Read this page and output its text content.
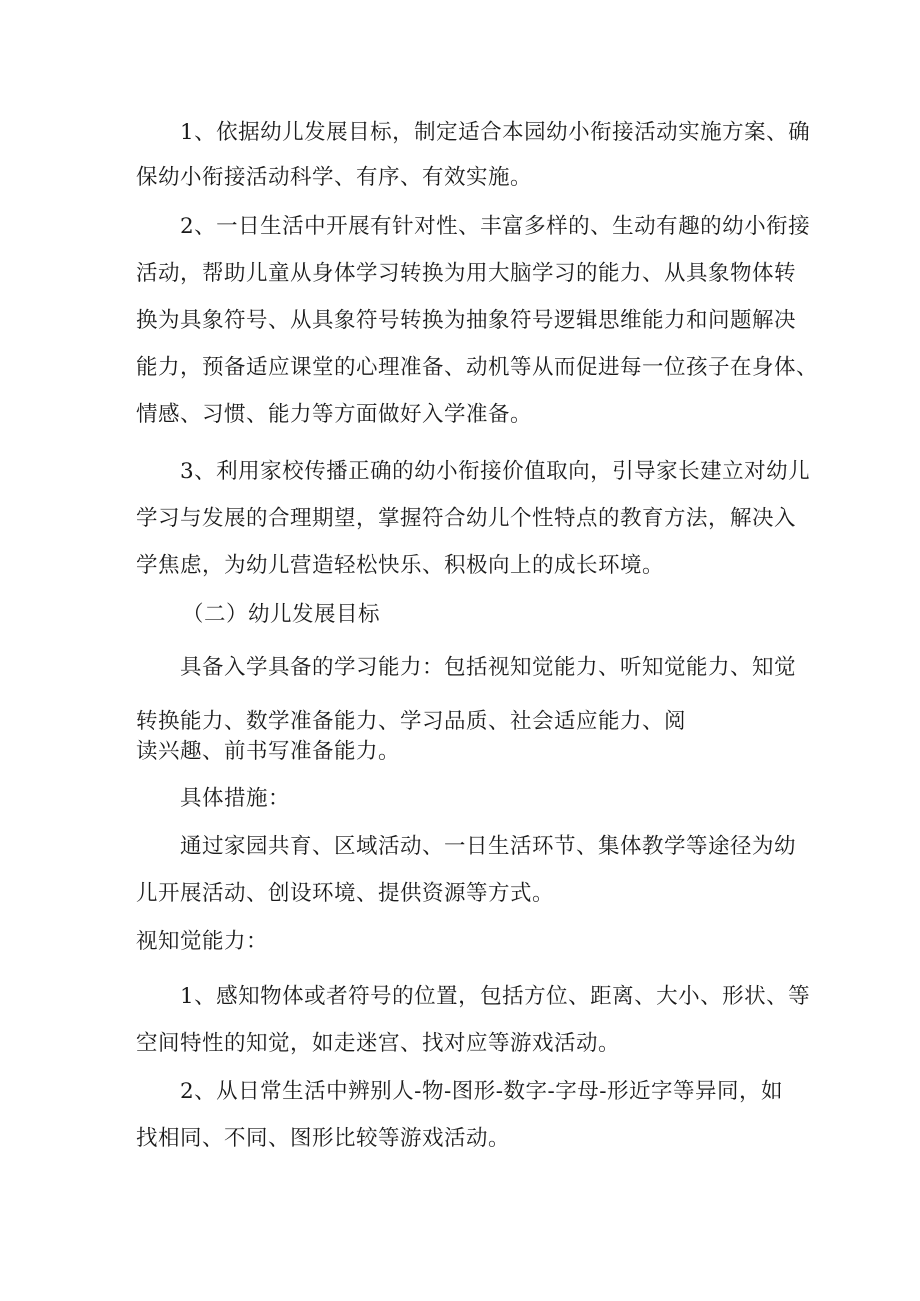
1、依据幼儿发展目标，制定适合本园幼小衔接活动实施方案、确
保幼小衔接活动科学、有序、有效实施。
2、一日生活中开展有针对性、丰富多样的、生动有趣的幼小衔接
活动，帮助儿童从身体学习转换为用大脑学习的能力、从具象物体转
换为具象符号、从具象符号转换为抽象符号逻辑思维能力和问题解决
能力，预备适应课堂的心理准备、动机等从而促进每一位孩子在身体、
情感、习惯、能力等方面做好入学准备。
3、利用家校传播正确的幼小衔接价值取向，引导家长建立对幼儿
学习与发展的合理期望，掌握符合幼儿个性特点的教育方法，解决入
学焦虑，为幼儿营造轻松快乐、积极向上的成长环境。
（二）幼儿发展目标
具备入学具备的学习能力：包括视知觉能力、听知觉能力、知觉
转换能力、数学准备能力、学习品质、社会适应能力、阅
读兴趣、前书写准备能力。
具体措施：
通过家园共育、区域活动、一日生活环节、集体教学等途径为幼
儿开展活动、创设环境、提供资源等方式。
视知觉能力：
1、感知物体或者符号的位置，包括方位、距离、大小、形状、等
空间特性的知觉，如走迷宫、找对应等游戏活动。
2、从日常生活中辨别人-物-图形-数字-字母-形近字等异同，如
找相同、不同、图形比较等游戏活动。
